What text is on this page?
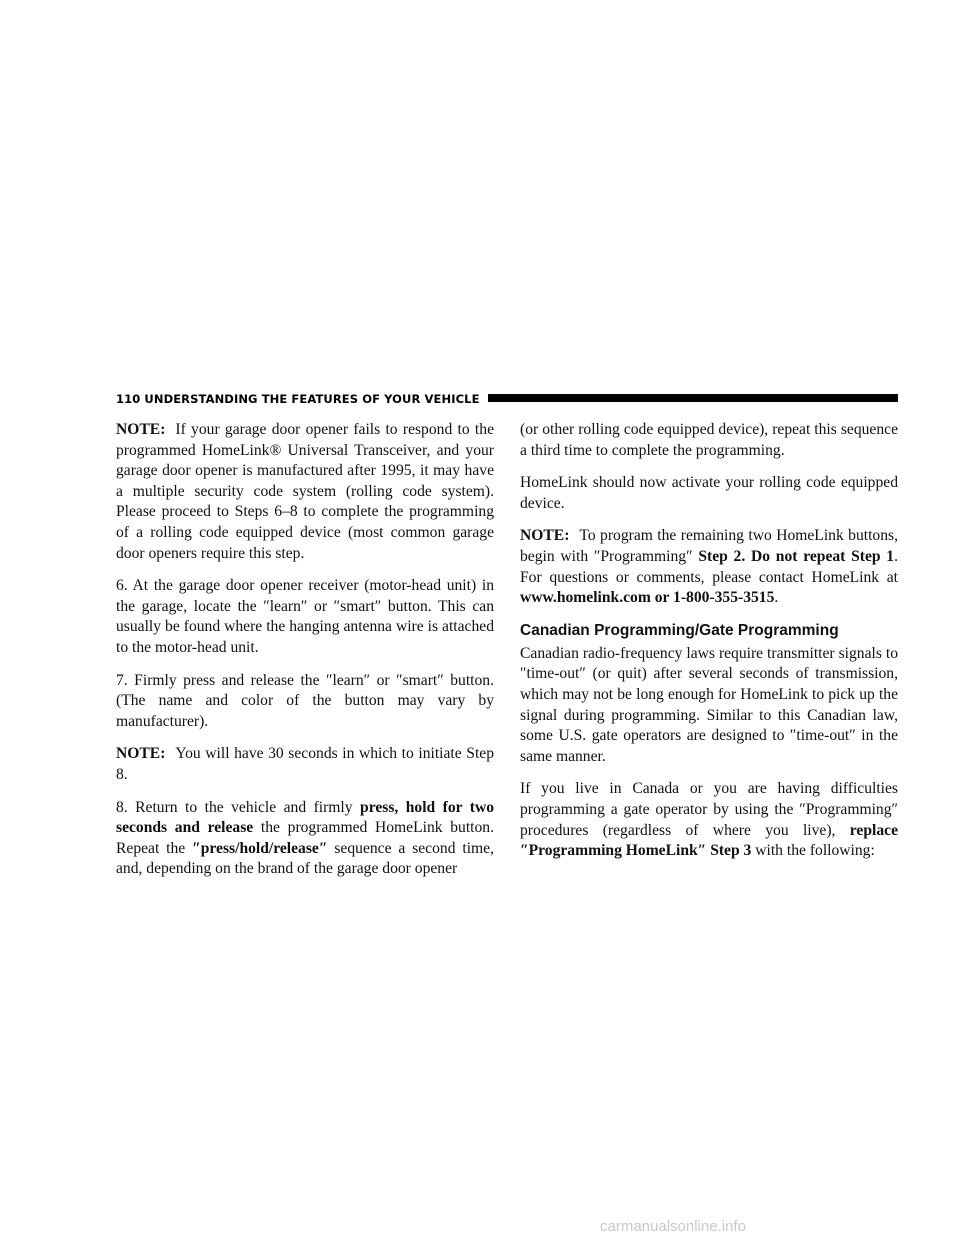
110 UNDERSTANDING THE FEATURES OF YOUR VEHICLE

NOTE: If your garage door opener fails to respond to the programmed HomeLink® Universal Transceiver, and your garage door opener is manufactured after 1995, it may have a multiple security code system (rolling code system). Please proceed to Steps 6–8 to complete the programming of a rolling code equipped device (most common garage door openers require this step.

6. At the garage door opener receiver (motor-head unit) in the garage, locate the ″learn″ or ″smart″ button. This can usually be found where the hanging antenna wire is attached to the motor-head unit.

7. Firmly press and release the ″learn″ or ″smart″ button. (The name and color of the button may vary by manufacturer).

NOTE: You will have 30 seconds in which to initiate Step 8.

8. Return to the vehicle and firmly press, hold for two seconds and release the programmed HomeLink button. Repeat the ″press/hold/release″ sequence a second time, and, depending on the brand of the garage door opener

(or other rolling code equipped device), repeat this sequence a third time to complete the programming.

HomeLink should now activate your rolling code equipped device.

NOTE: To program the remaining two HomeLink buttons, begin with ″Programming″ Step 2. Do not repeat Step 1. For questions or comments, please contact HomeLink at www.homelink.com or 1-800-355-3515.

Canadian Programming/Gate Programming

Canadian radio-frequency laws require transmitter signals to ″time-out″ (or quit) after several seconds of transmission, which may not be long enough for HomeLink to pick up the signal during programming. Similar to this Canadian law, some U.S. gate operators are designed to ″time-out″ in the same manner.

If you live in Canada or you are having difficulties programming a gate operator by using the ″Programming″ procedures (regardless of where you live), replace ″Programming HomeLink″ Step 3 with the following:

carmanualsonline.info
